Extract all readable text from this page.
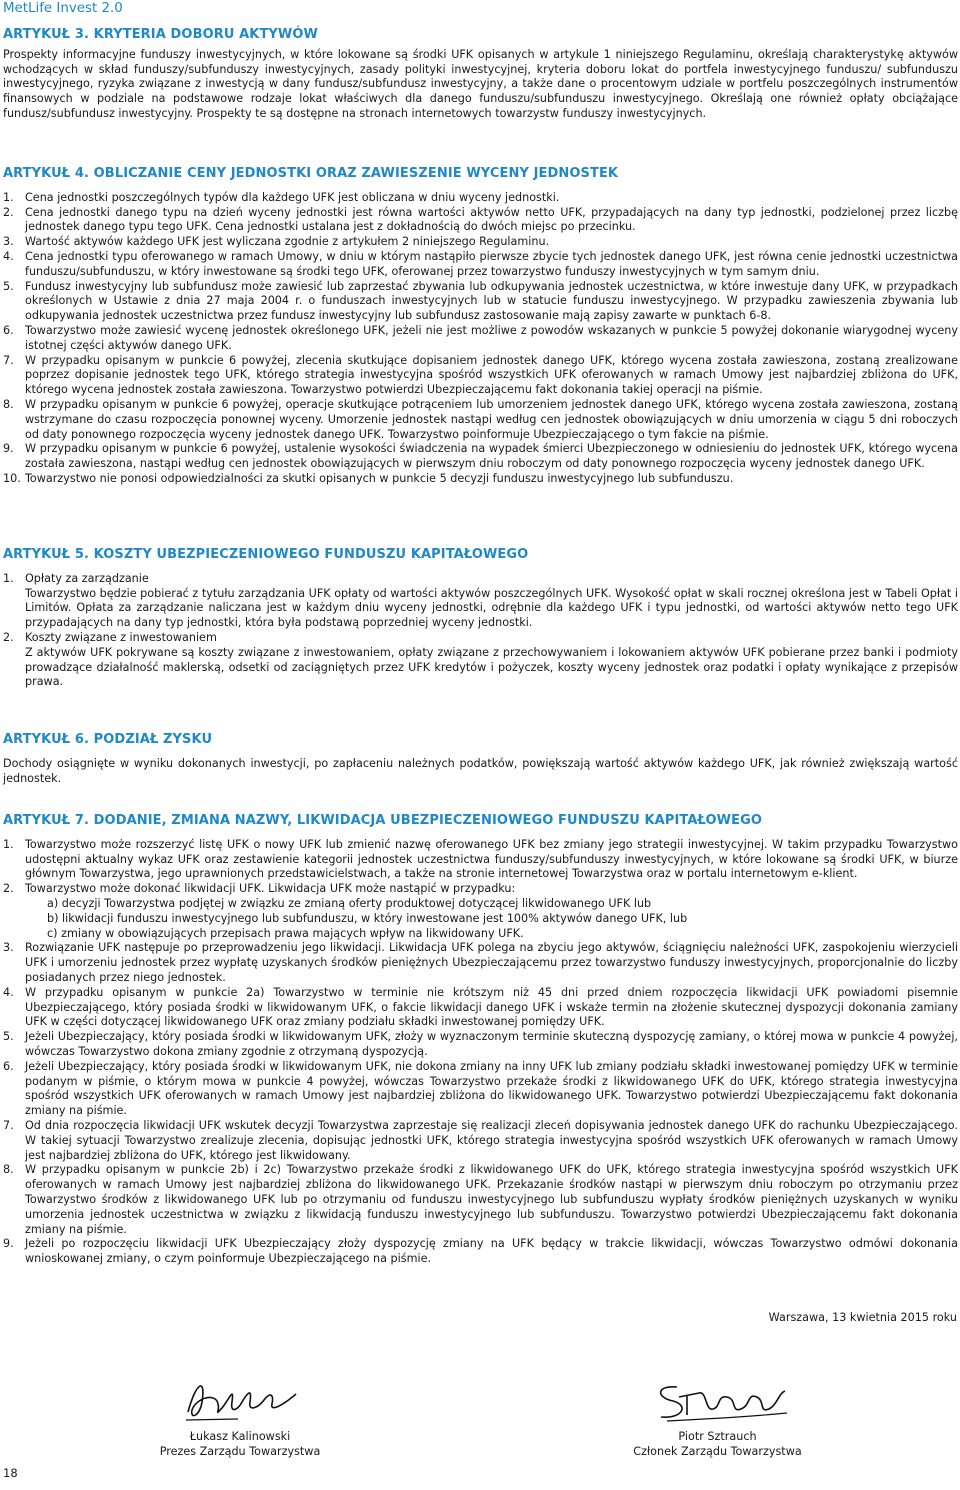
MetLife Invest 2.0
ARTYKUŁ 3. KRYTERIA DOBORU AKTYWÓW

Prospekty informacyjne funduszy inwestycyjnych, w które lokowane są środki UFK opisanych w artykule 1 niniejszego Regulaminu, określają charakterystykę aktywów wchodzących w skład funduszy/subfunduszy inwestycyjnych, zasady polityki inwestycyjnej, kryteria doboru lokat do portfela inwestycyjnego funduszu/ subfunduszu inwestycyjnego, ryzyka związane z inwestycją w dany fundusz/subfundusz inwestycyjny, a także dane o procentowym udziale w portfelu poszczególnych instrumentów finansowych w podziale na podstawowe rodzaje lokat właściwych dla danego funduszu/subfunduszu inwestycyjnego. Określają one również opłaty obciążające fundusz/subfundusz inwestycyjny. Prospekty te są dostępne na stronach internetowych towarzystw funduszy inwestycyjnych.

ARTYKUŁ 4. OBLICZANIE CENY JEDNOSTKI ORAZ ZAWIESZENIE WYCENY JEDNOSTEK
1. Cena jednostki poszczególnych typów dla każdego UFK jest obliczana w dniu wyceny jednostki.
2. Cena jednostki danego typu na dzień wyceny jednostki jest równa wartości aktywów netto UFK, przypadających na dany typ jednostki, podzielonej przez liczbę jednostek danego typu tego UFK. Cena jednostki ustalana jest z dokładnością do dwóch miejsc po przecinku.
3. Wartość aktywów każdego UFK jest wyliczana zgodnie z artykułem 2 niniejszego Regulaminu.
4. Cena jednostki typu oferowanego w ramach Umowy, w dniu w którym nastąpiło pierwsze zbycie tych jednostek danego UFK, jest równa cenie jednostki uczestnictwa funduszu/subfunduszu, w który inwestowane są środki tego UFK, oferowanej przez towarzystwo funduszy inwestycyjnych w tym samym dniu.
5. Fundusz inwestycyjny lub subfundusz może zawiesić lub zaprzestać zbywania lub odkupywania jednostek uczestnictwa, w które inwestuje dany UFK, w przypadkach określonych w Ustawie z dnia 27 maja 2004 r. o funduszach inwestycyjnych lub w statucie funduszu inwestycyjnego. W przypadku zawieszenia zbywania lub odkupywania jednostek uczestnictwa przez fundusz inwestycyjny lub subfundusz zastosowanie mają zapisy zawarte w punktach 6-8.
6. Towarzystwo może zawiesić wycenę jednostek określonego UFK, jeżeli nie jest możliwe z powodów wskazanych w punkcie 5 powyżej dokonanie wiarygodnej wyceny istotnej części aktywów danego UFK.
7. W przypadku opisanym w punkcie 6 powyżej, zlecenia skutkujące dopisaniem jednostek danego UFK, którego wycena została zawieszona, zostaną zrealizowane poprzez dopisanie jednostek tego UFK, którego strategia inwestycyjna spośród wszystkich UFK oferowanych w ramach Umowy jest najbardziej zbliżona do UFK, którego wycena jednostek została zawieszona. Towarzystwo potwierdzi Ubezpieczającemu fakt dokonania takiej operacji na piśmie.
8. W przypadku opisanym w punkcie 6 powyżej, operacje skutkujące potrąceniem lub umorzeniem jednostek danego UFK, którego wycena została zawieszona, zostaną wstrzymane do czasu rozpoczęcia ponownej wyceny. Umorzenie jednostek nastąpi według cen jednostek obowiązujących w dniu umorzenia w ciągu 5 dni roboczych od daty ponownego rozpoczęcia wyceny jednostek danego UFK. Towarzystwo poinformuje Ubezpieczającego o tym fakcie na piśmie.
9. W przypadku opisanym w punkcie 6 powyżej, ustalenie wysokości świadczenia na wypadek śmierci Ubezpieczonego w odniesieniu do jednostek UFK, którego wycena została zawieszona, nastąpi według cen jednostek obowiązujących w pierwszym dniu roboczym od daty ponownego rozpoczęcia wyceny jednostek danego UFK.
10. Towarzystwo nie ponosi odpowiedzialności za skutki opisanych w punkcie 5 decyzji funduszu inwestycyjnego lub subfunduszu.
ARTYKUŁ 5. KOSZTY UBEZPIECZENIOWEGO FUNDUSZU KAPITAŁOWEGO
1. Opłaty za zarządzanie
Towarzystwo będzie pobierać z tytułu zarządzania UFK opłaty od wartości aktywów poszczególnych UFK. Wysokość opłat w skali rocznej określona jest w Tabeli Opłat i Limitów. Opłata za zarządzanie naliczana jest w każdym dniu wyceny jednostki, odrębnie dla każdego UFK i typu jednostki, od wartości aktywów netto tego UFK przypadających na dany typ jednostki, która była podstawą poprzedniej wyceny jednostki.
2. Koszty związane z inwestowaniem
Z aktywów UFK pokrywane są koszty związane z inwestowaniem, opłaty związane z przechowywaniem i lokowaniem aktywów UFK pobierane przez banki i podmioty prowadzące działalność maklerską, odsetki od zaciągniętych przez UFK kredytów i pożyczek, koszty wyceny jednostek oraz podatki i opłaty wynikające z przepisów prawa.
ARTYKUŁ 6. PODZIAŁ ZYSKU

Dochody osiągnięte w wyniku dokonanych inwestycji, po zapłaceniu należnych podatków, powiększają wartość aktywów każdego UFK, jak również zwiększają wartość jednostek.

ARTYKUŁ 7. DODANIE, ZMIANA NAZWY, LIKWIDACJA UBEZPIECZENIOWEGO FUNDUSZU KAPITAŁOWEGO
1. Towarzystwo może rozszerzyć listę UFK o nowy UFK lub zmienić nazwę oferowanego UFK bez zmiany jego strategii inwestycyjnej. W takim przypadku Towarzystwo udostępni aktualny wykaz UFK oraz zestawienie kategorii jednostek uczestnictwa funduszy/subfunduszy inwestycyjnych, w które lokowane są środki UFK, w biurze głównym Towarzystwa, jego uprawnionych przedstawicielstwach, a także na stronie internetowej Towarzystwa oraz w portalu internetowym e-klient.
2. Towarzystwo może dokonać likwidacji UFK. Likwidacja UFK może nastąpić w przypadku:
a) decyzji Towarzystwa podjętej w związku ze zmianą oferty produktowej dotyczącej likwidowanego UFK lub
b) likwidacji funduszu inwestycyjnego lub subfunduszu, w który inwestowane jest 100% aktywów danego UFK, lub
c) zmiany w obowiązujących przepisach prawa mających wpływ na likwidowany UFK.
3. Rozwiązanie UFK następuje po przeprowadzeniu jego likwidacji. Likwidacja UFK polega na zbyciu jego aktywów, ściągnięciu należności UFK, zaspokojeniu wierzycieli UFK i umorzeniu jednostek przez wypłatę uzyskanych środków pieniężnych Ubezpieczającemu przez towarzystwo funduszy inwestycyjnych, proporcjonalnie do liczby posiadanych przez niego jednostek.
4. W przypadku opisanym w punkcie 2a) Towarzystwo w terminie nie krótszym niż 45 dni przed dniem rozpoczęcia likwidacji UFK powiadomi pisemnie Ubezpieczającego, który posiada środki w likwidowanym UFK, o fakcie likwidacji danego UFK i wskaże termin na złożenie skutecznej dyspozycji dokonania zamiany UFK w części dotyczącej likwidowanego UFK oraz zmiany podziału składki inwestowanej pomiędzy UFK.
5. Jeżeli Ubezpieczający, który posiada środki w likwidowanym UFK, złoży w wyznaczonym terminie skuteczną dyspozycję zamiany, o której mowa w punkcie 4 powyżej, wówczas Towarzystwo dokona zmiany zgodnie z otrzymaną dyspozycją.
6. Jeżeli Ubezpieczający, który posiada środki w likwidowanym UFK, nie dokona zmiany na inny UFK lub zmiany podziału składki inwestowanej pomiędzy UFK w terminie podanym w piśmie, o którym mowa w punkcie 4 powyżej, wówczas Towarzystwo przekaże środki z likwidowanego UFK do UFK, którego strategia inwestycyjna spośród wszystkich UFK oferowanych w ramach Umowy jest najbardziej zbliżona do likwidowanego UFK. Towarzystwo potwierdzi Ubezpieczającemu fakt dokonania zmiany na piśmie.
7. Od dnia rozpoczęcia likwidacji UFK wskutek decyzji Towarzystwa zaprzestaje się realizacji zleceń dopisywania jednostek danego UFK do rachunku Ubezpieczającego. W takiej sytuacji Towarzystwo zrealizuje zlecenia, dopisując jednostki UFK, którego strategia inwestycyjna spośród wszystkich UFK oferowanych w ramach Umowy jest najbardziej zbliżona do UFK, którego jest likwidowany.
8. W przypadku opisanym w punkcie 2b) i 2c) Towarzystwo przekaże środki z likwidowanego UFK do UFK, którego strategia inwestycyjna spośród wszystkich UFK oferowanych w ramach Umowy jest najbardziej zbliżona do likwidowanego UFK. Przekazanie środków nastąpi w pierwszym dniu roboczym po otrzymaniu przez Towarzystwo środków z likwidowanego UFK lub po otrzymaniu od funduszu inwestycyjnego lub subfunduszu wypłaty środków pieniężnych uzyskanych w wyniku umorzenia jednostek uczestnictwa w związku z likwidacją funduszu inwestycyjnego lub subfunduszu. Towarzystwo potwierdzi Ubezpieczającemu fakt dokonania zmiany na piśmie.
9. Jeżeli po rozpoczęciu likwidacji UFK Ubezpieczający złoży dyspozycję zmiany na UFK będący w trakcie likwidacji, wówczas Towarzystwo odmówi dokonania wnioskowanej zmiany, o czym poinformuje Ubezpieczającego na piśmie.
Warszawa, 13 kwietnia 2015 roku
Łukasz Kalinowski
Prezes Zarządu Towarzystwa
Piotr Sztrauch
Członek Zarządu Towarzystwa
18
